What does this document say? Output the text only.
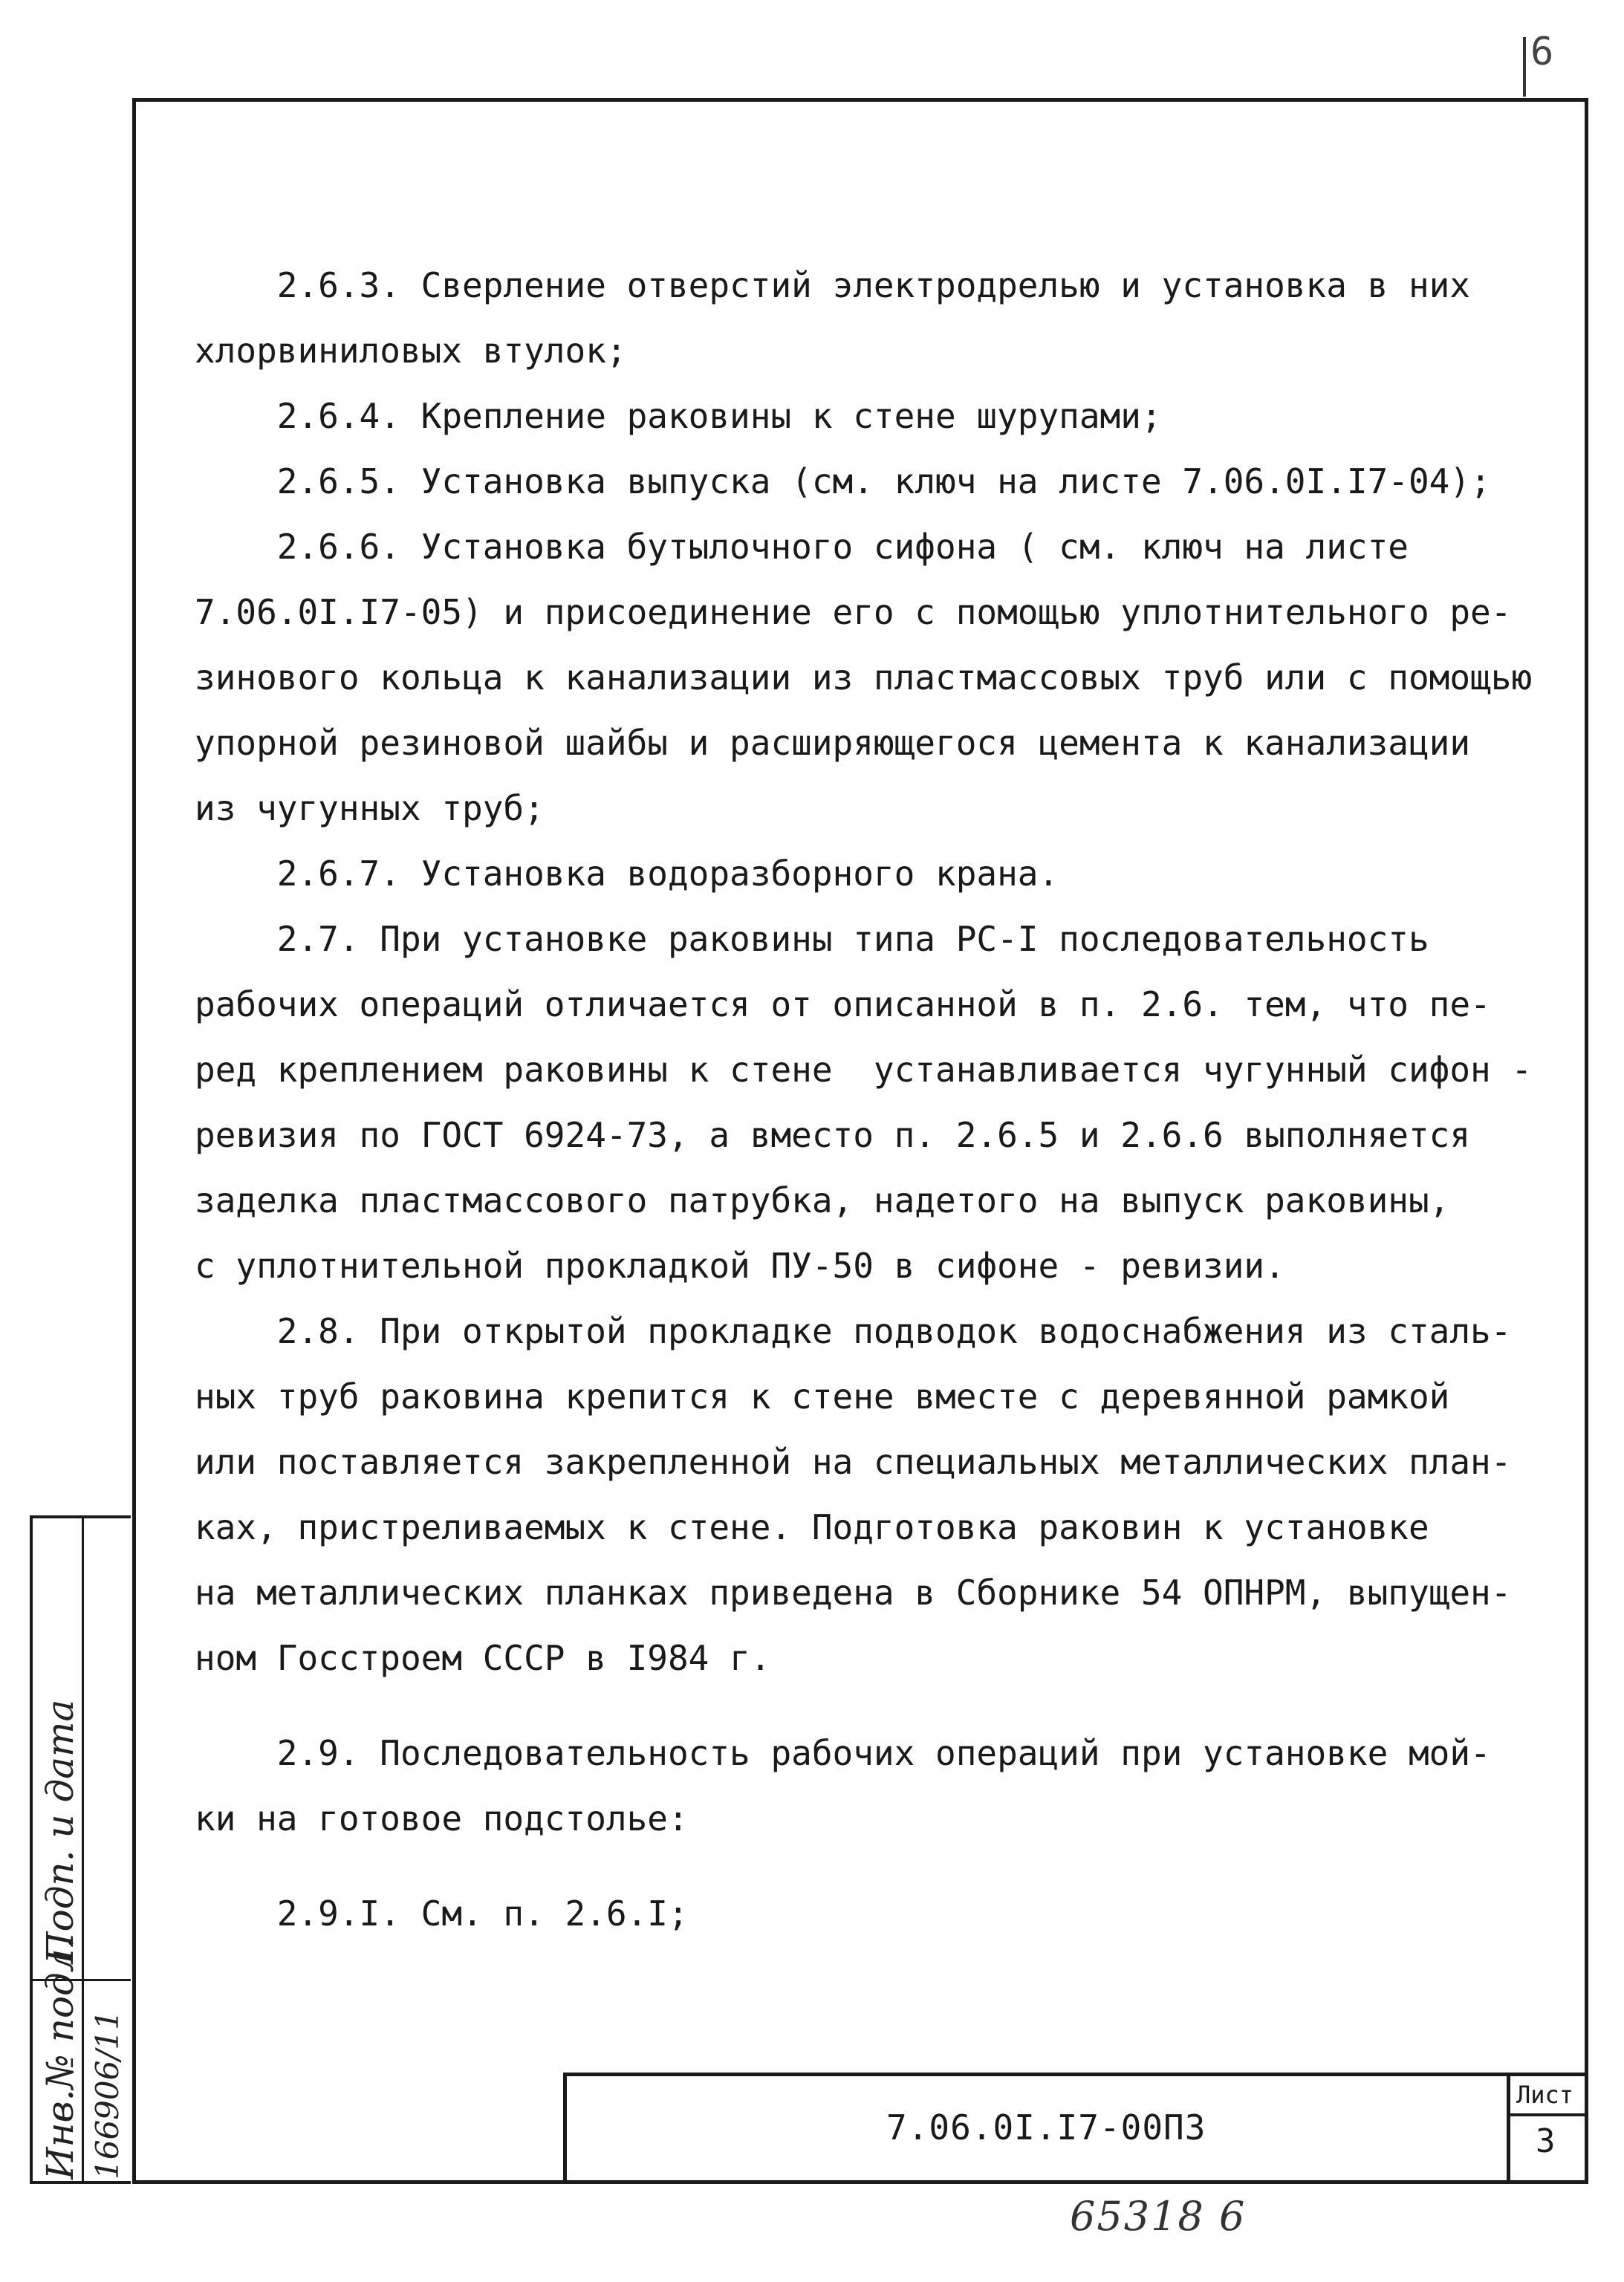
6
2.6.3. Сверление отверстий электродрелью и установка в них
хлорвиниловых втулок;
2.6.4. Крепление раковины к стене шурупами;
2.6.5. Установка выпуска (см. ключ на листе 7.06.0I.I7-04);
2.6.6. Установка бутылочного сифона ( см. ключ на листе
7.06.0I.I7-05) и присоединение его с помощью уплотнительного ре-
зинового кольца к канализации из пластмассовых труб или с помощью
упорной резиновой шайбы и расширяющегося цемента к канализации
из чугунных труб;
2.6.7. Установка водоразборного крана.
2.7. При установке раковины типа РС-I последовательность
рабочих операций отличается от описанной в п. 2.6. тем, что пе-
ред креплением раковины к стене  устанавливается чугунный сифон -
ревизия по ГОСТ 6924-73, а вместо п. 2.6.5 и 2.6.6 выполняется
заделка пластмассового патрубка, надетого на выпуск раковины,
с уплотнительной прокладкой ПУ-50 в сифоне - ревизии.
2.8. При открытой прокладке подводок водоснабжения из сталь-
ных труб раковина крепится к стене вместе с деревянной рамкой
или поставляется закрепленной на специальных металлических план-
ках, пристреливаемых к стене. Подготовка раковин к установке
на металлических планках приведена в Сборнике 54 ОПНРМ, выпущен-
ном Госстроем СССР в I984 г.
2.9. Последовательность рабочих операций при установке мой-
ки на готовое подстолье:
2.9.I. См. п. 2.6.I;
Инв.№ подл.
Подп. и дата
166906/11	7.06.0I.I7-00ПЗ
Лист
3
65318 6
